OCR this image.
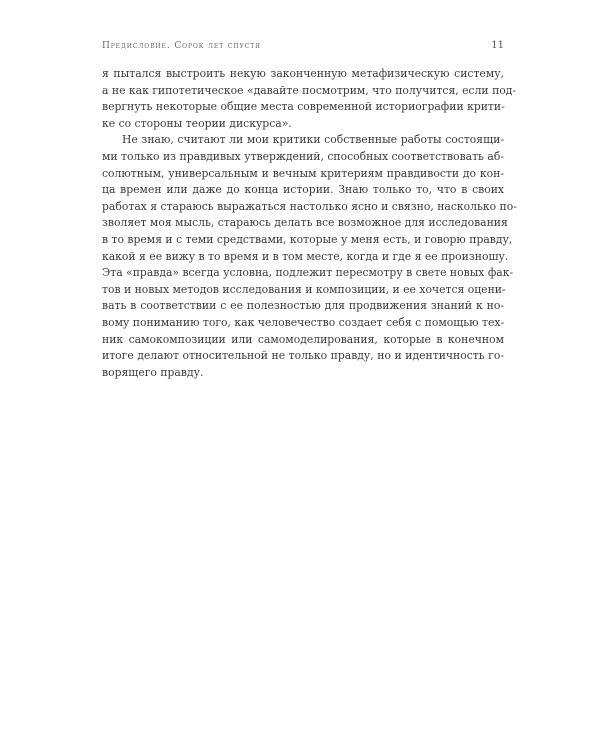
Предисловие. Сорок лет спустя	11

я пытался выстроить некую законченную метафизическую систему,
а не как гипотетическое «давайте посмотрим, что получится, если под-
вергнуть некоторые общие места современной историографии крити-
ке со стороны теории дискурса».

Не знаю, считают ли мои критики собственные работы состоящи-
ми только из правдивых утверждений, способных соответствовать аб-
солютным, универсальным и вечным критериям правдивости до кон-
ца времен или даже до конца истории. Знаю только то, что в своих
работах я стараюсь выражаться настолько ясно и связно, насколько по-
зволяет моя мысль, стараюсь делать все возможное для исследования
в то время и с теми средствами, которые у меня есть, и говорю правду,
какой я ее вижу в то время и в том месте, когда и где я ее произношу.
Эта «правда» всегда условна, подлежит пересмотру в свете новых фак-
тов и новых методов исследования и композиции, и ее хочется оцени-
вать в соответствии с ее полезностью для продвижения знаний к но-
вому пониманию того, как человечество создает себя с помощью тех-
ник самокомпозиции или самомоделирования, которые в конечном
итоге делают относительной не только правду, но и идентичность го-
ворящего правду.
